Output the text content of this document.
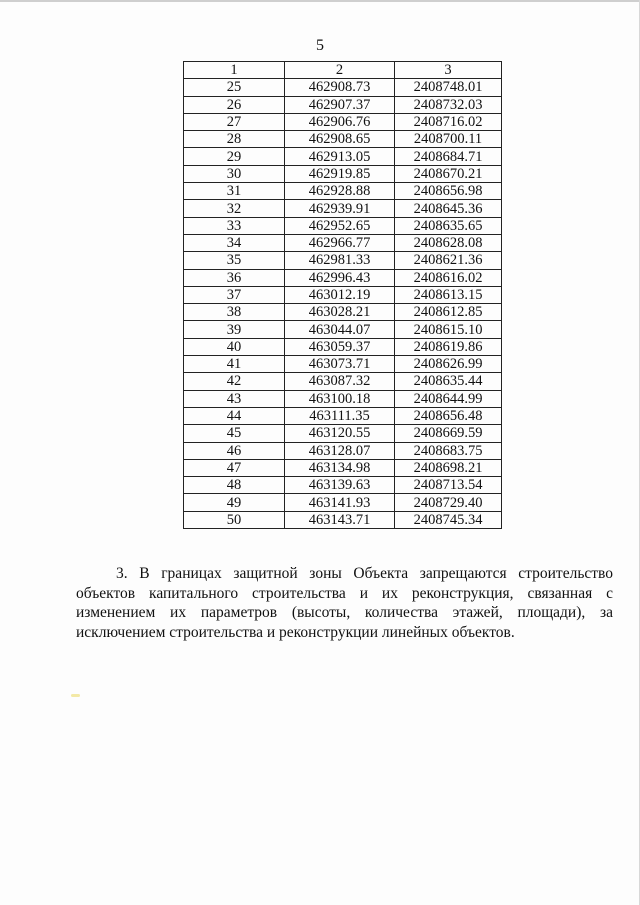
5
1	2	3
25	462908.73	2408748.01
26	462907.37	2408732.03
27	462906.76	2408716.02
28	462908.65	2408700.11
29	462913.05	2408684.71
30	462919.85	2408670.21
31	462928.88	2408656.98
32	462939.91	2408645.36
33	462952.65	2408635.65
34	462966.77	2408628.08
35	462981.33	2408621.36
36	462996.43	2408616.02
37	463012.19	2408613.15
38	463028.21	2408612.85
39	463044.07	2408615.10
40	463059.37	2408619.86
41	463073.71	2408626.99
42	463087.32	2408635.44
43	463100.18	2408644.99
44	463111.35	2408656.48
45	463120.55	2408669.59
46	463128.07	2408683.75
47	463134.98	2408698.21
48	463139.63	2408713.54
49	463141.93	2408729.40
50	463143.71	2408745.34

3. В границах защитной зоны Объекта запрещаются строительство объектов капитального строительства и их реконструкция, связанная с изменением их параметров (высоты, количества этажей, площади), за исключением строительства и реконструкции линейных объектов.
